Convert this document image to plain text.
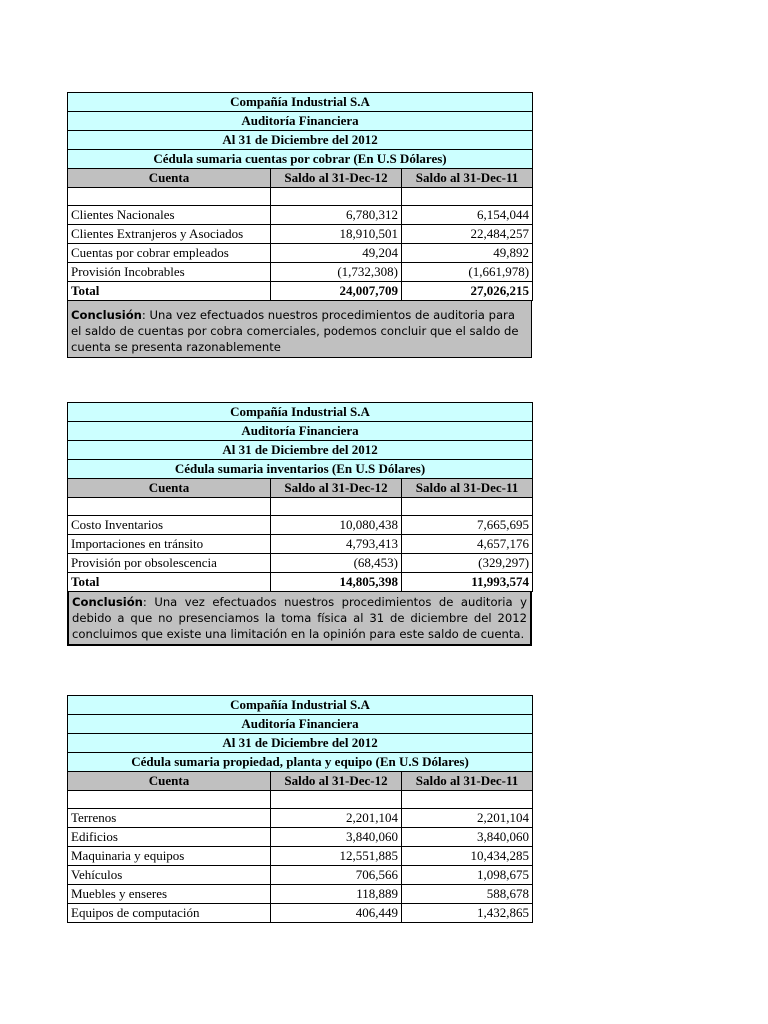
Compañía Industrial S.A		
Auditoría Financiera		
Al 31 de Diciembre del 2012		
Cédula sumaria cuentas por cobrar (En U.S Dólares)		
Cuenta	Saldo al 31-Dec-12	Saldo al 31-Dec-11

Clientes Nacionales	6,780,312	6,154,044
Clientes Extranjeros y Asociados	18,910,501	22,484,257
Cuentas por cobrar empleados	49,204	49,892
Provisión Incobrables	(1,732,308)	(1,661,978)
Total	24,007,709	27,026,215
Conclusión: Una vez efectuados nuestros procedimientos de auditoria para el saldo de cuentas por cobra comerciales, podemos concluir que el saldo de cuenta se presenta razonablemente
Compañía Industrial S.A		
Auditoría Financiera		
Al 31 de Diciembre del 2012		
Cédula sumaria inventarios (En U.S Dólares)		
Cuenta	Saldo al 31-Dec-12	Saldo al 31-Dec-11

Costo Inventarios	10,080,438	7,665,695
Importaciones en tránsito	4,793,413	4,657,176
Provisión por obsolescencia	(68,453)	(329,297)
Total	14,805,398	11,993,574
Conclusión: Una vez efectuados nuestros procedimientos de auditoria y debido a que no presenciamos la toma física al 31 de diciembre del 2012 concluimos que existe una limitación en la opinión para este saldo de cuenta.
Compañía Industrial S.A		
Auditoría Financiera		
Al 31 de Diciembre del 2012		
Cédula sumaria propiedad, planta y equipo (En U.S Dólares)		
Cuenta	Saldo al 31-Dec-12	Saldo al 31-Dec-11

Terrenos	2,201,104	2,201,104
Edificios	3,840,060	3,840,060
Maquinaria y equipos	12,551,885	10,434,285
Vehículos	706,566	1,098,675
Muebles y enseres	118,889	588,678
Equipos de computación	406,449	1,432,865
